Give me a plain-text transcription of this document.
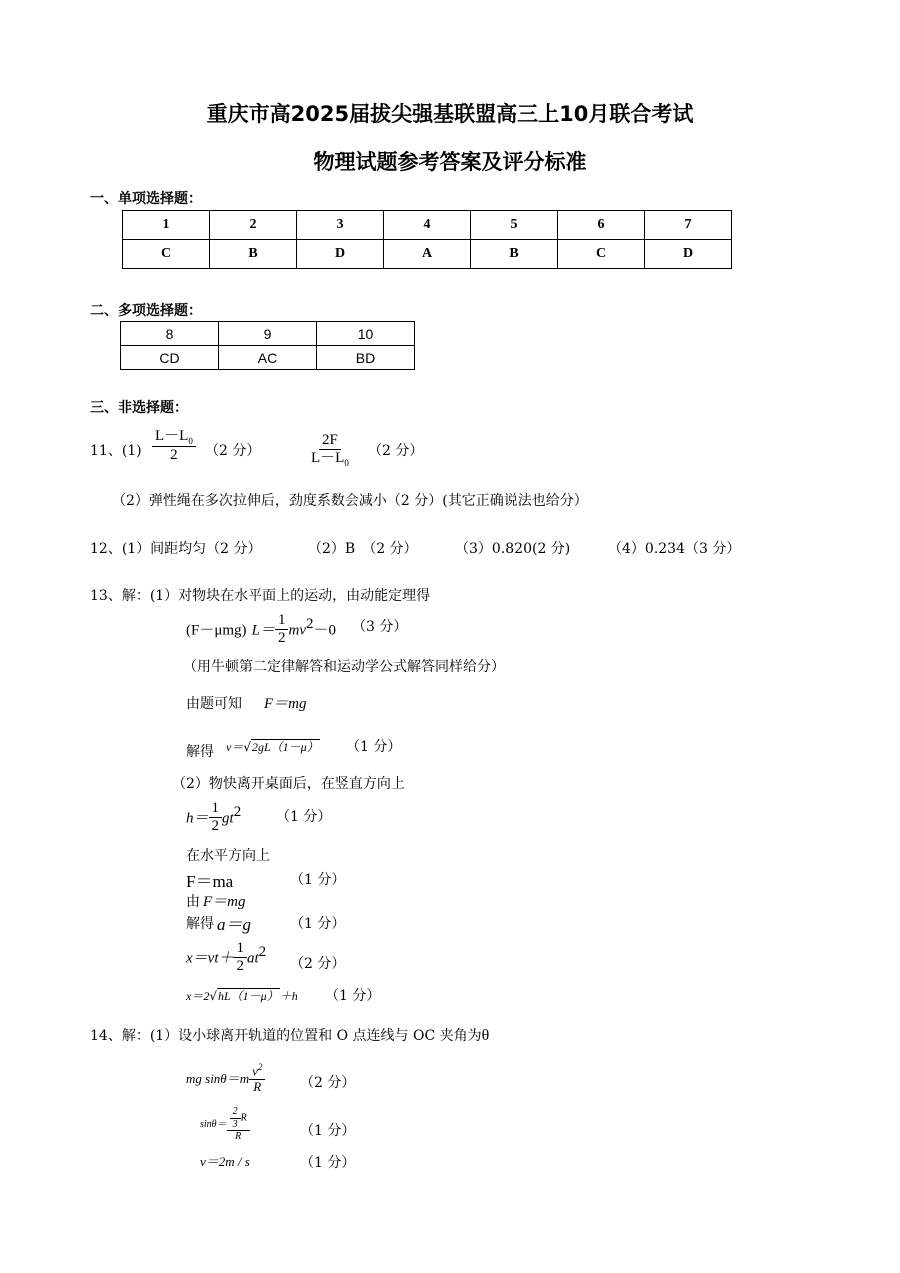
重庆市高2025届拔尖强基联盟高三上10月联合考试
物理试题参考答案及评分标准
一、单项选择题：
1	2	3	4	5	6	7
C	B	D	A	B	C	D
二、多项选择题：
8	9	10
CD	AC	BD
三、非选择题：
11、$(1) \frac{L-L_0}{2} (2$ 分）	$\frac{2F}{L-L_0} (2$ 分）
（2）弹性绳在多次拉伸后，劲度系数会减小（2 分）(其它正确说法也给分）
12、(1）间距均匀（2 分）	（2）B　（2 分）	（3）0.820(2 分)	（4）0.234（3 分）
13、解：(1）对物块在水平面上的运动，由动能定理得
(F－μmg) $L= \frac{1}{2} mv^2-0$ （3 分）
（用牛顿第二定律解答和运动学公式解答同样给分）
由题可知 F＝mg
解得 v＝√2gL（1－μ） （1 分）
（2）物快离开桌面后，在竖直方向上
$h= \frac{1}{2} gt^2$ （1 分）
在水平方向上
F＝ma	（1 分）
由 F＝mg
解得 a＝g	（1 分）
$x=vt+ \frac{1}{2} at^2$
（2 分）
x＝2√hL（1－μ）＋h （1 分）
14、解：(1）设小球离开轨道的位置和 O 点连线与 OC 夹角为θ
mg $\sin\theta=m \frac{v^2}{R} (2$ 分）
$\sin\theta= \frac{\frac{2}{3} R}{R}$	（1 分）
v＝2m / s	（1 分）
